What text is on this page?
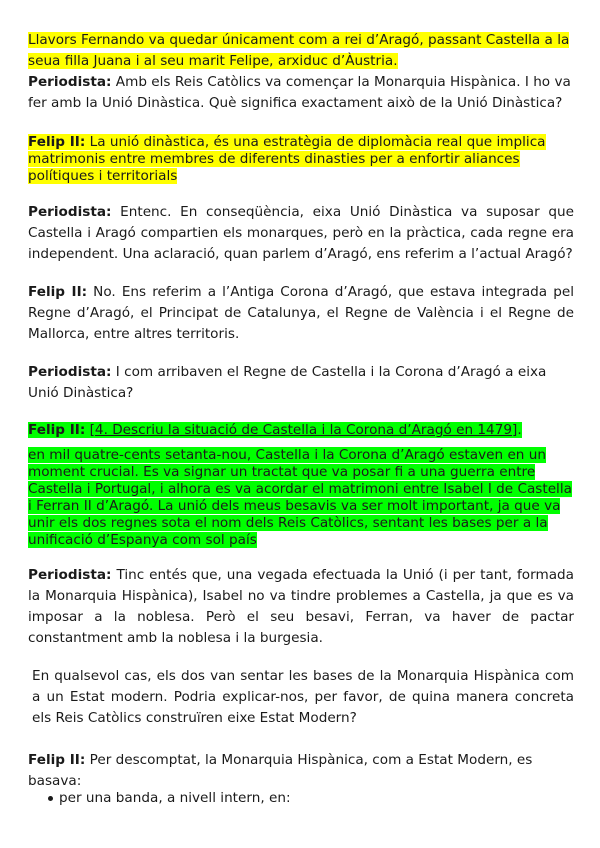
Llavors Fernando va quedar únicament com a rei d’Aragó, passant Castella a la seua filla Juana i al seu marit Felipe, arxiduc d’Àustria.
Periodista: Amb els Reis Catòlics va començar la Monarquia Hispànica. I ho va fer amb la Unió Dinàstica. Què significa exactament això de la Unió Dinàstica?
Felip II: La unió dinàstica, és una estratègia de diplomàcia real que implica matrimonis entre membres de diferents dinasties per a enfortir aliances polítiques i territorials
Periodista: Entenc. En conseqüència, eixa Unió Dinàstica va suposar que Castella i Aragó compartien els monarques, però en la pràctica, cada regne era independent. Una aclaració, quan parlem d’Aragó, ens referim a l’actual Aragó?
Felip II: No. Ens referim a l’Antiga Corona d’Aragó, que estava integrada pel Regne d’Aragó, el Principat de Catalunya, el Regne de València i el Regne de Mallorca, entre altres territoris.
Periodista: I com arribaven el Regne de Castella i la Corona d’Aragó a eixa Unió Dinàstica?
Felip II: [4. Descriu la situació de Castella i la Corona d’Aragó en 1479].
en mil quatre-cents setanta-nou, Castella i la Corona d’Aragó estaven en un moment crucial. Es va signar un tractat que va posar fi a una guerra entre Castella i Portugal, i alhora es va acordar el matrimoni entre Isabel I de Castella i Ferran II d’Aragó. La unió dels meus besavis va ser molt important, ja que va unir els dos regnes sota el nom dels Reis Catòlics, sentant les bases per a la unificació d’Espanya com sol país
Periodista: Tinc entés que, una vegada efectuada la Unió (i per tant, formada la Monarquia Hispànica), Isabel no va tindre problemes a Castella, ja que es va imposar a la noblesa. Però el seu besavi, Ferran, va haver de pactar constantment amb la noblesa i la burgesia.
En qualsevol cas, els dos van sentar les bases de la Monarquia Hispànica com a un Estat modern. Podria explicar-nos, per favor, de quina manera concreta els Reis Catòlics construïren eixe Estat Modern?
Felip II: Per descomptat, la Monarquia Hispànica, com a Estat Modern, es basava:
per una banda, a nivell intern, en:
